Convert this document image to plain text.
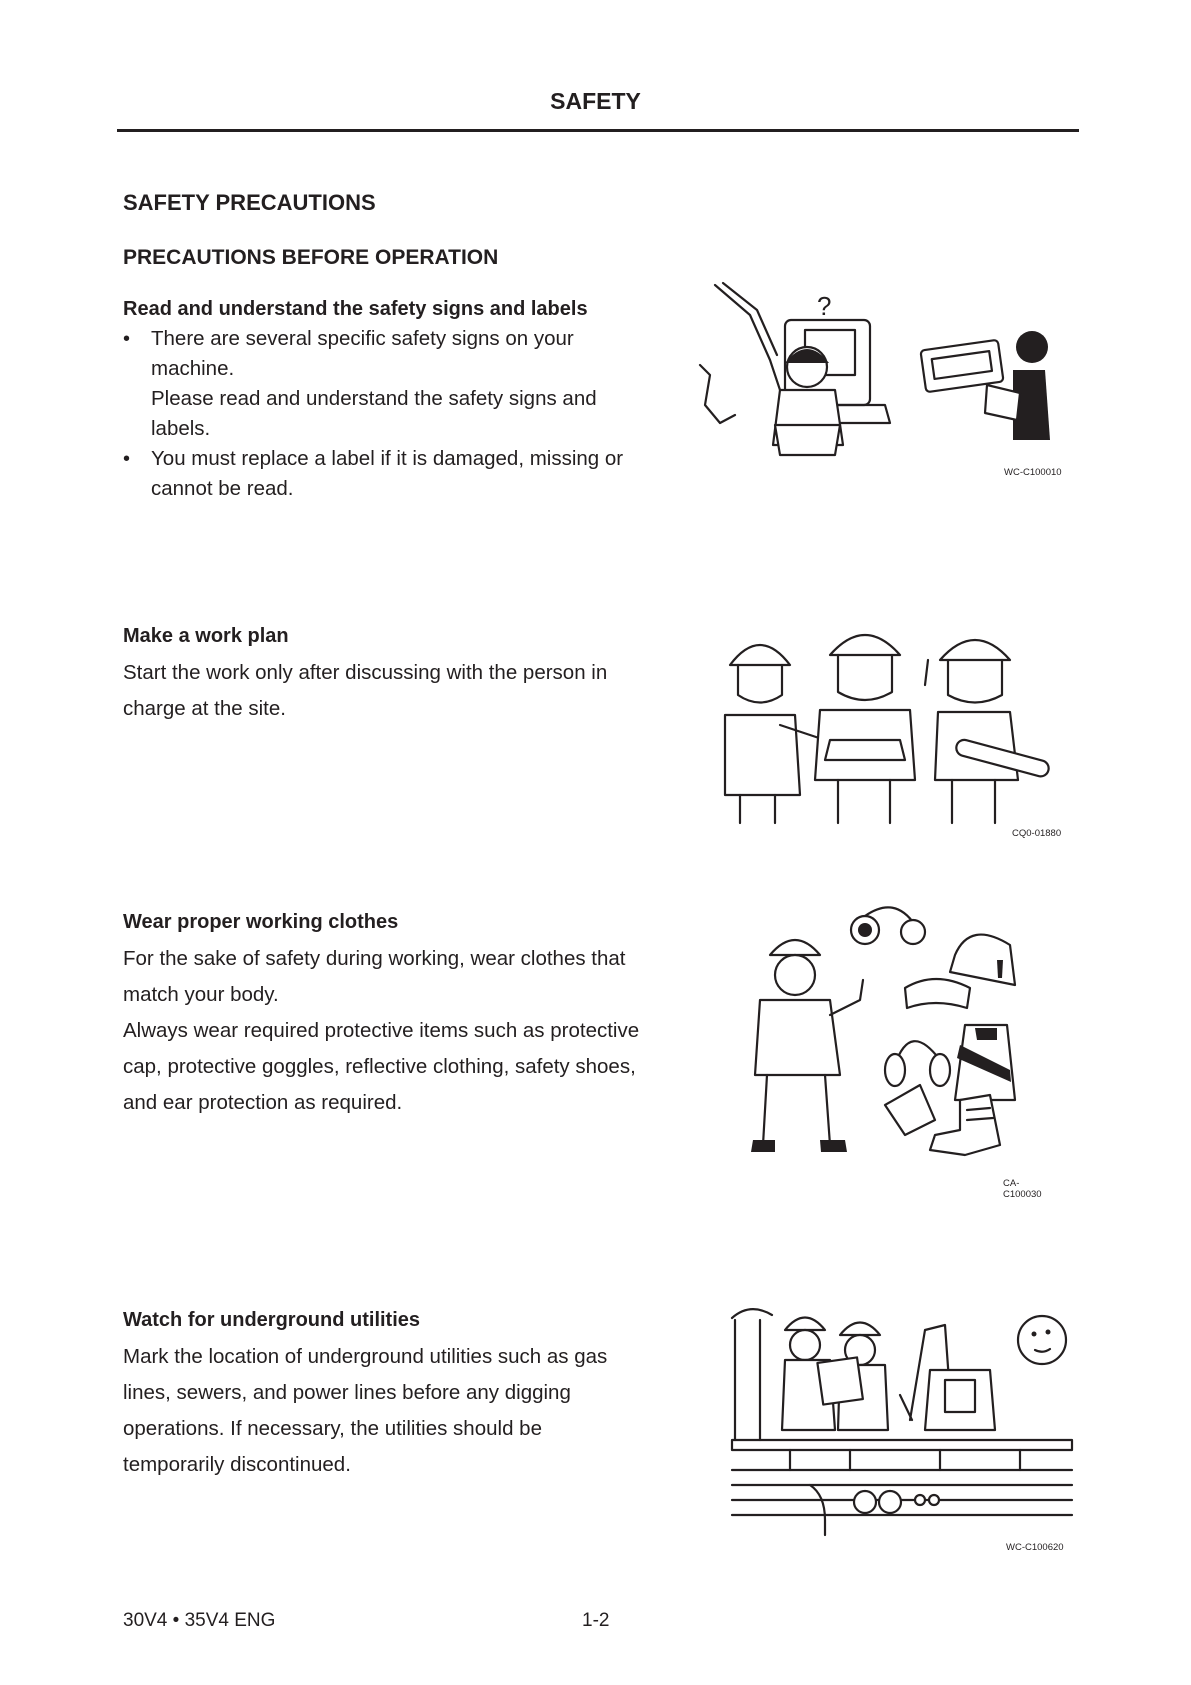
SAFETY
SAFETY PRECAUTIONS
PRECAUTIONS BEFORE OPERATION

Read and understand the safety signs and labels

• There are several specific safety signs on your
machine.
Please read and understand the safety signs and
labels.
• You must replace a label if it is damaged, missing or
cannot be read.
?
WC-C100010

Make a work plan

Start the work only after discussing with the person in
charge at the site.

CQ0-01880

Wear proper working clothes

For the sake of safety during working, wear clothes that
match your body.
Always wear required protective items such as protective
cap, protective goggles, reflective clothing, safety shoes,
and ear protection as required.

CA-C100030

Watch for underground utilities

Mark the location of underground utilities such as gas
lines, sewers, and power lines before any digging
operations. If necessary, the utilities should be
temporarily discontinued.

WC-C100620
30V4 • 35V4 ENG	1-2
